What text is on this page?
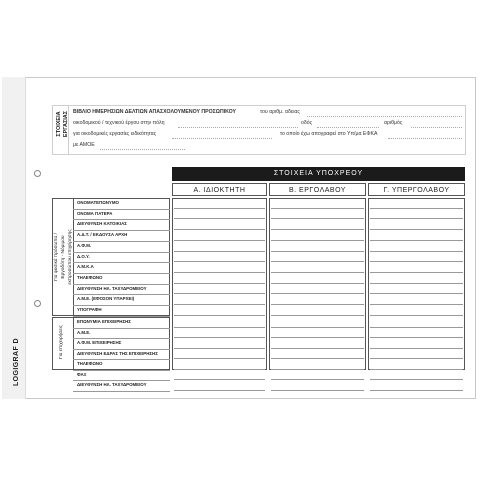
LOGIGRAF D
ΣΤΟΙΧΕΙΑ ΕΡΓΑΣΙΑΣ ΒΙΒΛΙΟ ΗΜΕΡΗΣΙΩΝ ΔΕΛΤΙΩΝ ΑΠΑΣΧΟΛΟΥΜΕΝΟΥ ΠΡΟΣΩΠΙΚΟΥ	του αριθμ. αδειας
οικοδομικού / τεχνικού έργου στην πόλη	οδός	αριθμός
για οικοδομικές εργασίες ειδικότητας	το οποίο έχω απογραφεί στο Υπ/μα ΕΦΚΑ
με ΑΜΟΕ
ΣΤΟΙΧΕΙΑ ΥΠΟΧΡΕΟΥ
Α. ΙΔΙΟΚΤΗΤΗ	Β. ΕΡΓΟΛΑΒΟΥ	Γ. ΥΠΕΡΓΟΛΑΒΟΥ
Για φυσικά πρόσωπα / Εργοδότη - Νόμιμου εκπροσώπου επιχείρησης
Για επιχειρήσεις
ΟΝΟΜΑΤΕΠΩΝΥΜΟ
ΟΝΟΜΑ ΠΑΤΕΡΑ
ΔΙΕΥΘΥΝΣΗ ΚΑΤΟΙΚΙΑΣ
Α.Δ.Τ. / ΕΚΔΟΥΣΑ ΑΡΧΗ
Α.Φ.Μ.
Δ.Ο.Υ.
Α.Μ.Κ.Α
ΤΗΛΕΦΩΝΟ
ΔΙΕΥΘΥΝΣΗ ΗΛ. ΤΑΧΥΔΡΟΜΕΙΟΥ
Α.Μ.Ε. (ΕΦΟΣΟΝ ΥΠΑΡΧΕΙ)
ΥΠΟΓΡΑΦΗ
ΕΠΩΝΥΜΙΑ ΕΠΙΧΕΙΡΗΣΗΣ
Α.Μ.Ε.
Α.Φ.Μ. ΕΠΙΧΕΙΡΗΣΗΣ
ΔΙΕΥΘΥΝΣΗ ΕΔΡΑΣ ΤΗΣ ΕΠΙΧΕΙΡΗΣΗΣ
ΤΗΛΕΦΩΝΟ
ΦΑΞ
ΔΙΕΥΘΥΝΣΗ ΗΛ. ΤΑΧΥΔΡΟΜΕΙΟΥ
